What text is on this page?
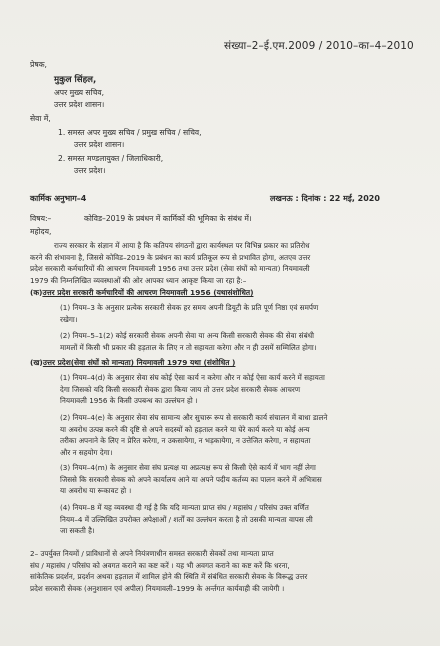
संख्या–2–ई.एम.2009 / 2010–का–4–2010
प्रेषक,
मुकुल सिंहल,
अपर मुख्य सचिव,
उत्तर प्रदेश शासन।
सेवा में,
1. समस्त अपर मुख्य सचिव / प्रमुख सचिव / सचिव,
उत्तर प्रदेश शासन।
2. समस्त मण्डलायुक्त / जिलाधिकारी,
उत्तर प्रदेश।
कार्मिक अनुभाग–4	लखनऊ : दिनांक : 22 मई, 2020
विषय:–	कोविड–2019 के प्रबंधन में कार्मिकों की भूमिका के संबंध में।
महोदय,
राज्य सरकार के संज्ञान में आया है कि कतिपय संगठनों द्वारा कार्यस्थल पर विभिन्न प्रकार का प्रतिरोध
करने की संभावना है, जिससे कोविड–2019 के प्रबंधन का कार्य प्रतिकूल रूप से प्रभावित होगा, अतएव उत्तर
प्रदेश सरकारी कर्मचारियों की आचरण नियमावली 1956 तथा उत्तर प्रदेश (सेवा संघों को मान्यता) नियमावली
1979 की निम्नलिखित व्यवस्थाओं की ओर आपका ध्यान आकृष्ट किया जा रहा है:–
(क)उत्तर प्रदेश सरकारी कर्मचारियों की आचरण नियमावली 1956 (यथासंशोधित)
(1) नियम–3 के अनुसार प्रत्येक सरकारी सेवक हर समय अपनी डियूटी के प्रति पूर्ण निष्ठा एवं समर्पण
रखेगा।
(2) नियम–5–1(2) कोई सरकारी सेवक अपनी सेवा या अन्य किसी सरकारी सेवक की सेवा संबंधी
मामलों में किसी भी प्रकार की हड़ताल के लिए न तो सहायता करेगा और न ही उसमें सम्मिलित होगा।
(ख)उत्तर प्रदेश(सेवा संघों को मान्यता) नियमावली 1979 यथा (संशोधित )
(1) नियम–4(d) के अनुसार सेवा संघ कोई ऐसा कार्य न करेगा और न कोई ऐसा कार्य करने में सहायता
देगा जिसको यदि किसी सरकारी सेवक द्वारा किया जाय तो उत्तर प्रदेश सरकारी सेवक आचरण
नियमावली 1956 के किसी उपबन्ध का उल्लंघन हो ।
(2) नियम–4(e) के अनुसार सेवा संघ सामान्य और सुचारू रूप से सरकारी कार्य संचालन में बाधा डालने
या अवरोध उत्पन्न करने की दृष्टि से अपने सदस्यों को हड़ताल करने या घेरे कार्य करने या कोई अन्य
तरीका अपनाने के लिए न प्रेरित करेगा, न उकसायेगा, न भड़कायेगा, न उत्तेजित करेगा, न सहायता
और न सहयोग देगा।
(3) नियम–4(m) के अनुसार सेवा संघ प्रत्यक्ष या अप्रत्यक्ष रूप से किसी ऐसे कार्य में भाग नहीं लेगा
जिससे कि सरकारी सेवक को अपने कार्यालय आने या अपने पदीय कर्तव्य का पालन करने में अभित्रास
या अवरोध या रूकावट हो ।
(4) नियम–8 में यह व्यवस्था दी गई है कि यदि मान्यता प्राप्त संघ / महासंघ / परिसंघ उक्त वर्णित
नियम–4 में उल्लिखित उपरोक्त अपेक्षाओं / शर्तों का उल्लंघन करता है तो उसकी मान्यता वापस ली
जा सकती है।
2– उपर्युक्त नियमों / प्राविधानों से अपने नियंत्रणाधीन समस्त सरकारी सेवकों तथा मान्यता प्राप्त
संघ / महासंघ / परिसंघ को अवगत कराने का कष्ट करें । यह भी अवगत कराने का कष्ट करें कि धरना,
सांकेतिक प्रदर्शन, प्रदर्शन अथवा हड़ताल में शामिल होने की स्थिति में संबंधित सरकारी सेवक के विरूद्ध उत्तर
प्रदेश सरकारी सेवक (अनुशासन एवं अपील) नियमावली–1999 के अर्न्तगत कार्यवाही की जायेगी ।
